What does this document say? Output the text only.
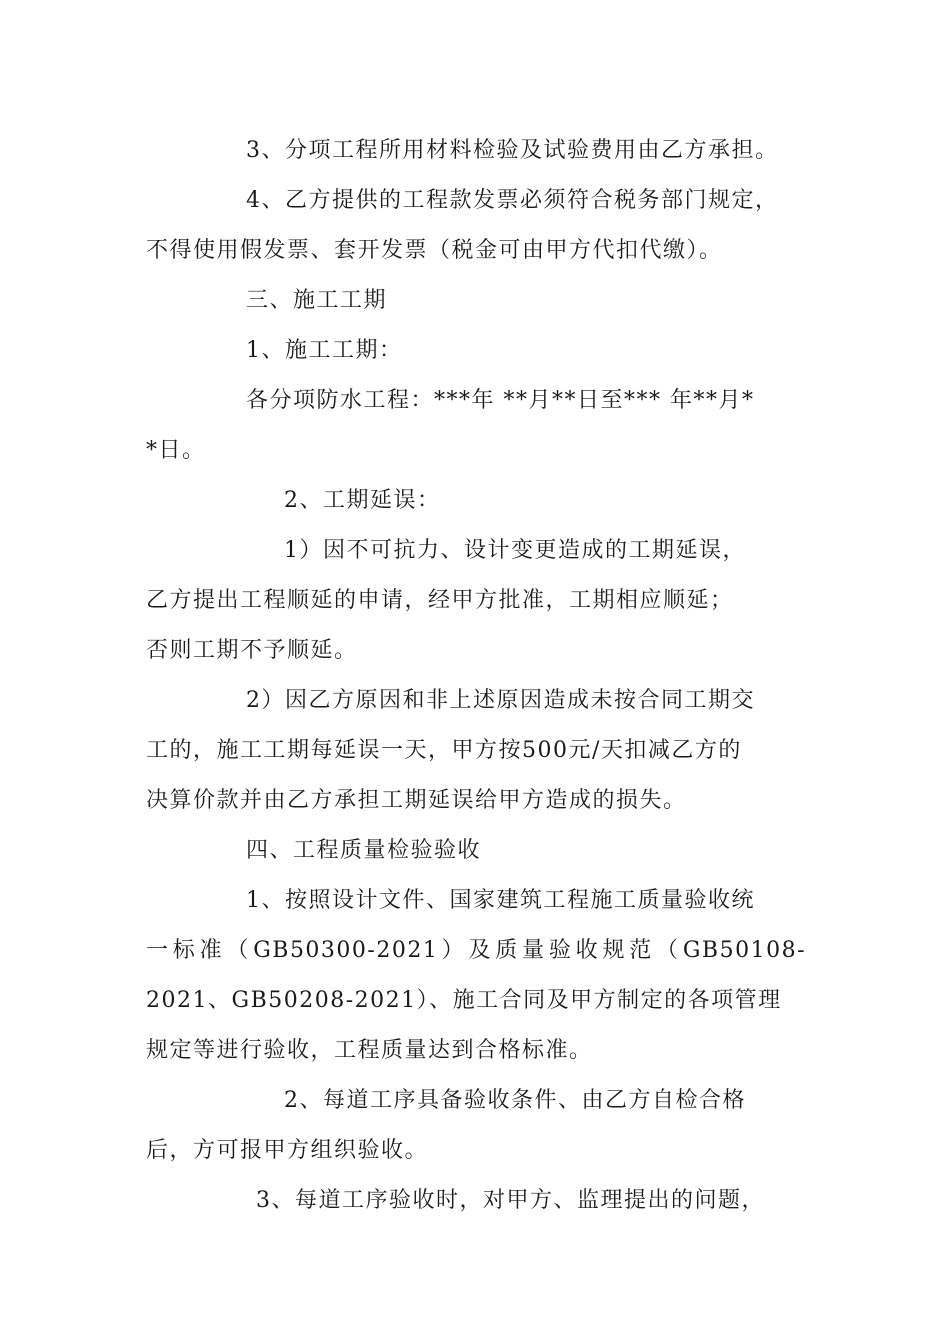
3、分项工程所用材料检验及试验费用由乙方承担。
4、乙方提供的工程款发票必须符合税务部门规定，
不得使用假发票、套开发票（税金可由甲方代扣代缴）。
三、施工工期
1、施工工期：
各分项防水工程：***年 **月**日至*** 年**月*
*日。
2、工期延误：
1）因不可抗力、设计变更造成的工期延误，
乙方提出工程顺延的申请，经甲方批准，工期相应顺延；
否则工期不予顺延。
2）因乙方原因和非上述原因造成未按合同工期交
工的，施工工期每延误一天，甲方按500元/天扣减乙方的
决算价款并由乙方承担工期延误给甲方造成的损失。
四、工程质量检验验收
1、按照设计文件、国家建筑工程施工质量验收统
一标准（GB50300-2021）及质量验收规范（GB50108-
2021、GB50208-2021）、施工合同及甲方制定的各项管理
规定等进行验收，工程质量达到合格标准。
2、每道工序具备验收条件、由乙方自检合格
后，方可报甲方组织验收。
3、每道工序验收时，对甲方、监理提出的问题，
